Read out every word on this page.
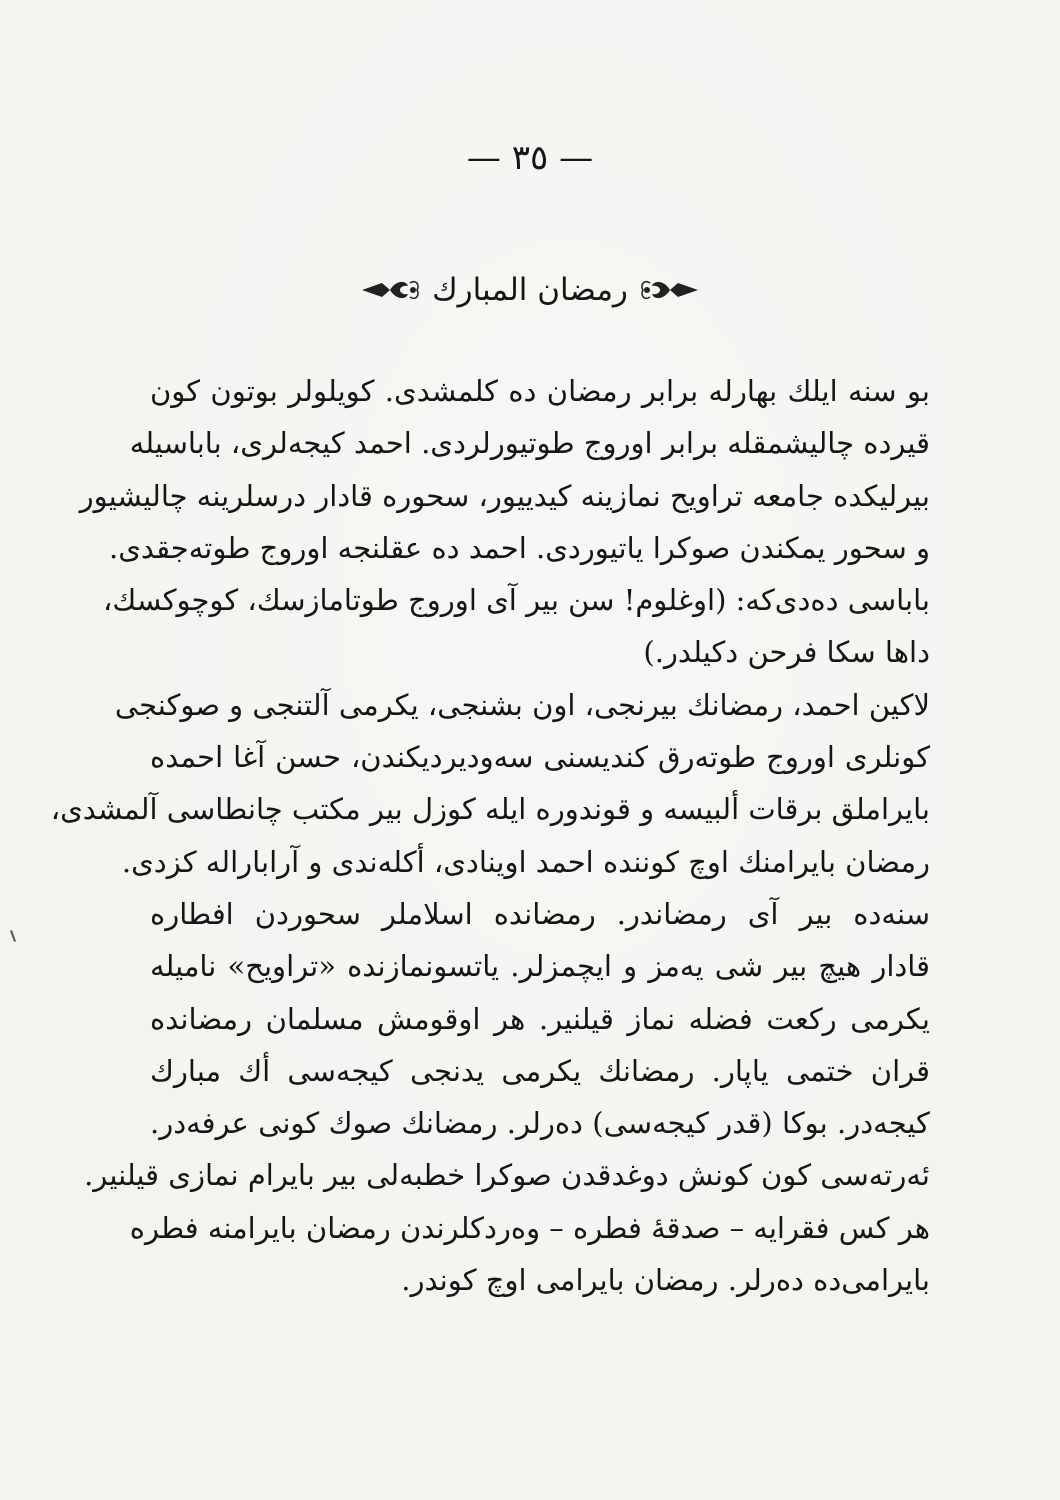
— ٣٥ —
رمضان المبارك

بو سنه ایلك بهارله برابر رمضان ده کلمشدی. کویلولر بوتون کون
قیرده چالیشمقله برابر اوروج طوتیورلردی. احمد کیجه‌لری، باباسیله
بیرلیکده جامعه تراویح نمازینه کیدییور، سحوره قادار درسلرینه چالیشیور
و سحور یمکندن صوکرا یاتیوردی. احمد ده عقلنجه اوروج طوته‌جقدی.
باباسی ده‌دی‌که: (اوغلوم! سن بیر آی اوروج طوتامازسك، کوچوکسك،
داها سکا فرحن دکیلدر.)

لاکین احمد، رمضانك بیرنجی، اون بشنجی، یکرمی آلتنجی و صوکنجی
کونلری اوروج طوته‌رق کندیسنی سه‌ودیردیکندن، حسن آغا احمده
بایراملق برقات ألبیسه و قوندوره ایله کوزل بیر مکتب چانطاسی آلمشدی،
رمضان بایرامنك اوچ کوننده احمد اوینادی، أکله‌ندی و آراباراله کزدی.

سنه‌ده بیر آی رمضاندر. رمضانده اسلاملر سحوردن افطاره
قادار هیچ بیر شی یه‌مز و ایچمزلر. یاتسونمازنده «تراویح» نامیله
یکرمی رکعت فضله نماز قیلنیر. هر اوقومش مسلمان رمضانده
قران ختمی یاپار. رمضانك یکرمی یدنجی کیجه‌سی أك مبارك
کیجه‌در. بوکا (قدر کیجه‌سی) ده‌رلر. رمضانك صوك کونی عرفه‌در.
ئه‌رته‌سی کون کونش دوغدقدن صوکرا خطبه‌لی بیر بایرام نمازی قیلنیر.
هر کس فقرایه – صدقهٔ فطره – وه‌ردکلرندن رمضان بایرامنه فطره
بایرامی‌ده ده‌رلر. رمضان بایرامی اوچ کوندر.
